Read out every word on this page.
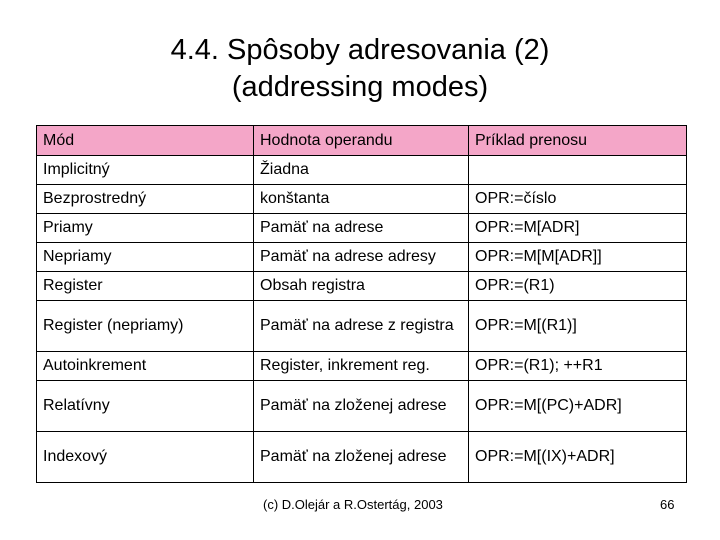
4.4. Spôsoby adresovania (2)
(addressing modes)
Mód	Hodnota operandu	Príklad prenosu
Implicitný	Žiadna	
Bezprostredný	konštanta	OPR:=číslo
Priamy	Pamäť na adrese	OPR:=M[ADR]
Nepriamy	Pamäť na adrese adresy	OPR:=M[M[ADR]]
Register	Obsah registra	OPR:=(R1)
Register (nepriamy)	Pamäť na adrese z registra	OPR:=M[(R1)]
Autoinkrement	Register, inkrement reg.	OPR:=(R1); ++R1
Relatívny	Pamäť na zloženej adrese	OPR:=M[(PC)+ADR]
Indexový	Pamäť na zloženej adrese	OPR:=M[(IX)+ADR]
(c) D.Olejár a R.Ostertág, 2003	66
